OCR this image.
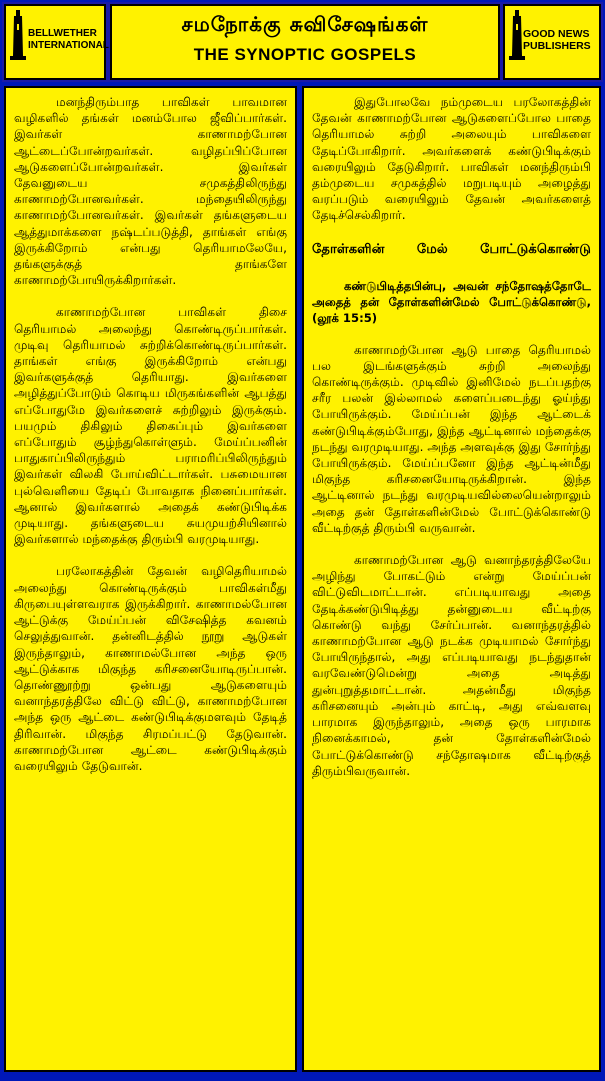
BELLWETHER
INTERNATIONAL
சமநோக்கு சுவிசேஷங்கள்
THE SYNOPTIC GOSPELS
GOOD NEWS
PUBLISHERS

மனந்திரும்பாத பாவிகள் பாவமான வழிகளில் தங்கள் மனம்போல ஜீவிப்பார்கள். இவர்கள் காணாமற்போன ஆட்டைப்போன்றவர்கள். வழிதப்பிப்போன ஆடுகளைப்போன்றவர்கள். இவர்கள் தேவனுடைய சமுகத்திலிருந்து காணாமற்போனவர்கள். மந்தையிலிருந்து காணாமற்போனவர்கள். இவர்கள் தங்களுடைய ஆத்துமாக்களை நஷ்டப்படுத்தி, தாங்கள் எங்கு இருக்கிறோம் என்பது தெரியாமலேயே, தங்களுக்குத் தாங்களே காணாமற்போயிருக்கிறார்கள்.

காணாமற்போன பாவிகள் திசை தெரியாமல் அலைந்து கொண்டிருப்பார்கள். முடிவு தெரியாமல் சுற்றிக்கொண்டிருப்பார்கள். தாங்கள் எங்கு இருக்கிறோம் என்பது இவர்களுக்குத் தெரியாது. இவர்களை அழித்துப்போடும் கொடிய மிருகங்களின் ஆபத்து எப்போதுமே இவர்களைச் சுற்றிலும் இருக்கும். பயமும் திகிலும் திகைப்பும் இவர்களை எப்போதும் சூழ்ந்துகொள்ளும். மேய்ப்பனின் பாதுகாப்பிலிருந்தும் பராமரிப்பிலிருந்தும் இவர்கள் விலகி போய்விட்டார்கள். பசுமையான புல்வெளியை தேடிப் போவதாக நினைப்பார்கள். ஆனால் இவர்களால் அதைக் கண்டுபிடிக்க முடியாது. தங்களுடைய சுயமுயற்சியினால் இவர்களால் மந்தைக்கு திரும்பி வரமுடியாது.

பரலோகத்தின் தேவன் வழிதெரியாமல் அலைந்து கொண்டிருக்கும் பாவிகள்மீது கிருபையுள்ளவராக இருக்கிறார். காணாமல்போன ஆட்டுக்கு மேய்ப்பன் விசேஷித்த கவனம் செலுத்துவான். தன்னிடத்தில் நூறு ஆடுகள் இருந்தாலும், காணாமல்போன அந்த ஒரு ஆட்டுக்காக மிகுந்த கரிசனையோடிருப்பான். தொண்ணூற்று ஒன்பது ஆடுகளையும் வனாந்தரத்திலே விட்டு விட்டு, காணாமற்போன அந்த ஒரு ஆட்டை கண்டுபிடிக்குமளவும் தேடித் திரிவான். மிகுந்த சிரமப்பட்டு தேடுவான். காணாமற்போன ஆட்டை கண்டுபிடிக்கும் வரையிலும் தேடுவான்.

இதுபோலவே நம்முடைய பரலோகத்தின் தேவன் காணாமற்போன ஆடுகளைப்போல பாதை தெரியாமல் சுற்றி அலையும் பாவிகளை தேடிப்போகிறார். அவர்களைக் கண்டுபிடிக்கும் வரையிலும் தேடுகிறார். பாவிகள் மனந்திரும்பி தம்முடைய சமுகத்தில் மறுபடியும் அழைத்து வரப்படும் வரையிலும் தேவன் அவர்களைத் தேடிச்செல்கிறார்.

தோள்களின் மேல் போட்டுக்கொண்டு

கண்டுபிடித்தபின்பு, அவன் சந்தோஷத்தோடே அதைத் தன் தோள்களின்மேல் போட்டுக்கொண்டு, (லூக் 15:5)

காணாமற்போன ஆடு பாதை தெரியாமல் பல இடங்களுக்கும் சுற்றி அலைந்து கொண்டிருக்கும். முடிவில் இனிமேல் நடப்பதற்கு சரீர பலன் இல்லாமல் களைப்படைந்து ஓய்ந்து போயிருக்கும். மேய்ப்பன் இந்த ஆட்டைக் கண்டுபிடிக்கும்போது, இந்த ஆட்டினால் மந்தைக்கு நடந்து வரமுடியாது. அந்த அளவுக்கு இது சோர்ந்து போயிருக்கும். மேய்ப்பனோ இந்த ஆட்டின்மீது மிகுந்த கரிசனையோடிருக்கிறான். இந்த ஆட்டினால் நடந்து வரமுடியவில்லையென்றாலும் அதை தன் தோள்களின்மேல் போட்டுக்கொண்டு வீட்டிற்குத் திரும்பி வருவான்.

காணாமற்போன ஆடு வனாந்தரத்திலேயே அழிந்து போகட்டும் என்று மேய்ப்பன் விட்டுவிடமாட்டான். எப்படியாவது அதை தேடிக்கண்டுபிடித்து தன்னுடைய வீட்டிற்கு கொண்டு வந்து சேர்ப்பான். வனாந்தரத்தில் காணாமற்போன ஆடு நடக்க முடியாமல் சோர்ந்து போயிருந்தால், அது எப்படியாவது நடந்துதான் வரவேண்டுமென்று அதை அடித்து துன்புறுத்தமாட்டான். அதன்மீது மிகுந்த கரிசனையும் அன்பும் காட்டி, அது எவ்வளவு பாரமாக இருந்தாலும், அதை ஒரு பாரமாக நினைக்காமல், தன் தோள்களின்மேல் போட்டுக்கொண்டு சந்தோஷமாக வீட்டிற்குத் திரும்பிவருவான்.
